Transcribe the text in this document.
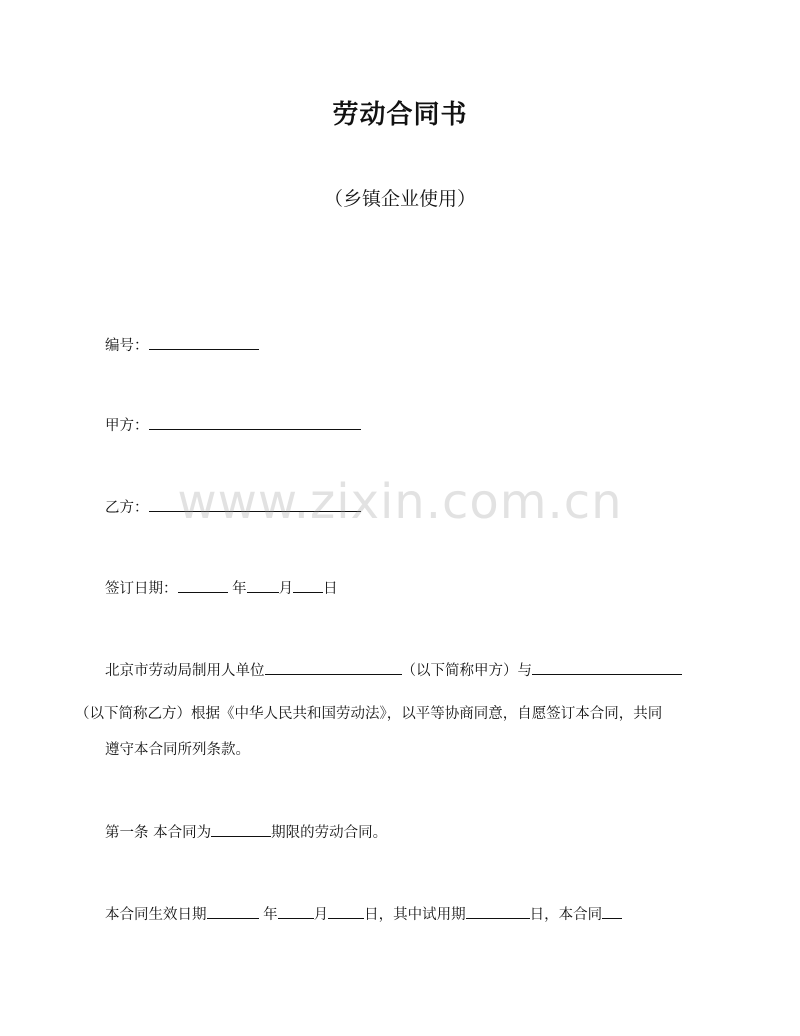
劳动合同书
（乡镇企业使用）
编号：
甲方：
乙方：
签订日期：	年 月 日
北京市劳动局制用人单位	（以下简称甲方）与
（以下简称乙方）根据《中华人民共和国劳动法》，以平等协商同意，自愿签订本合同，共同
遵守本合同所列条款。
第一条 本合同为	期限的劳动合同。
本合同生效日期	年 月 日，其中试用期	日，本合同
www.zixin.com.cn
